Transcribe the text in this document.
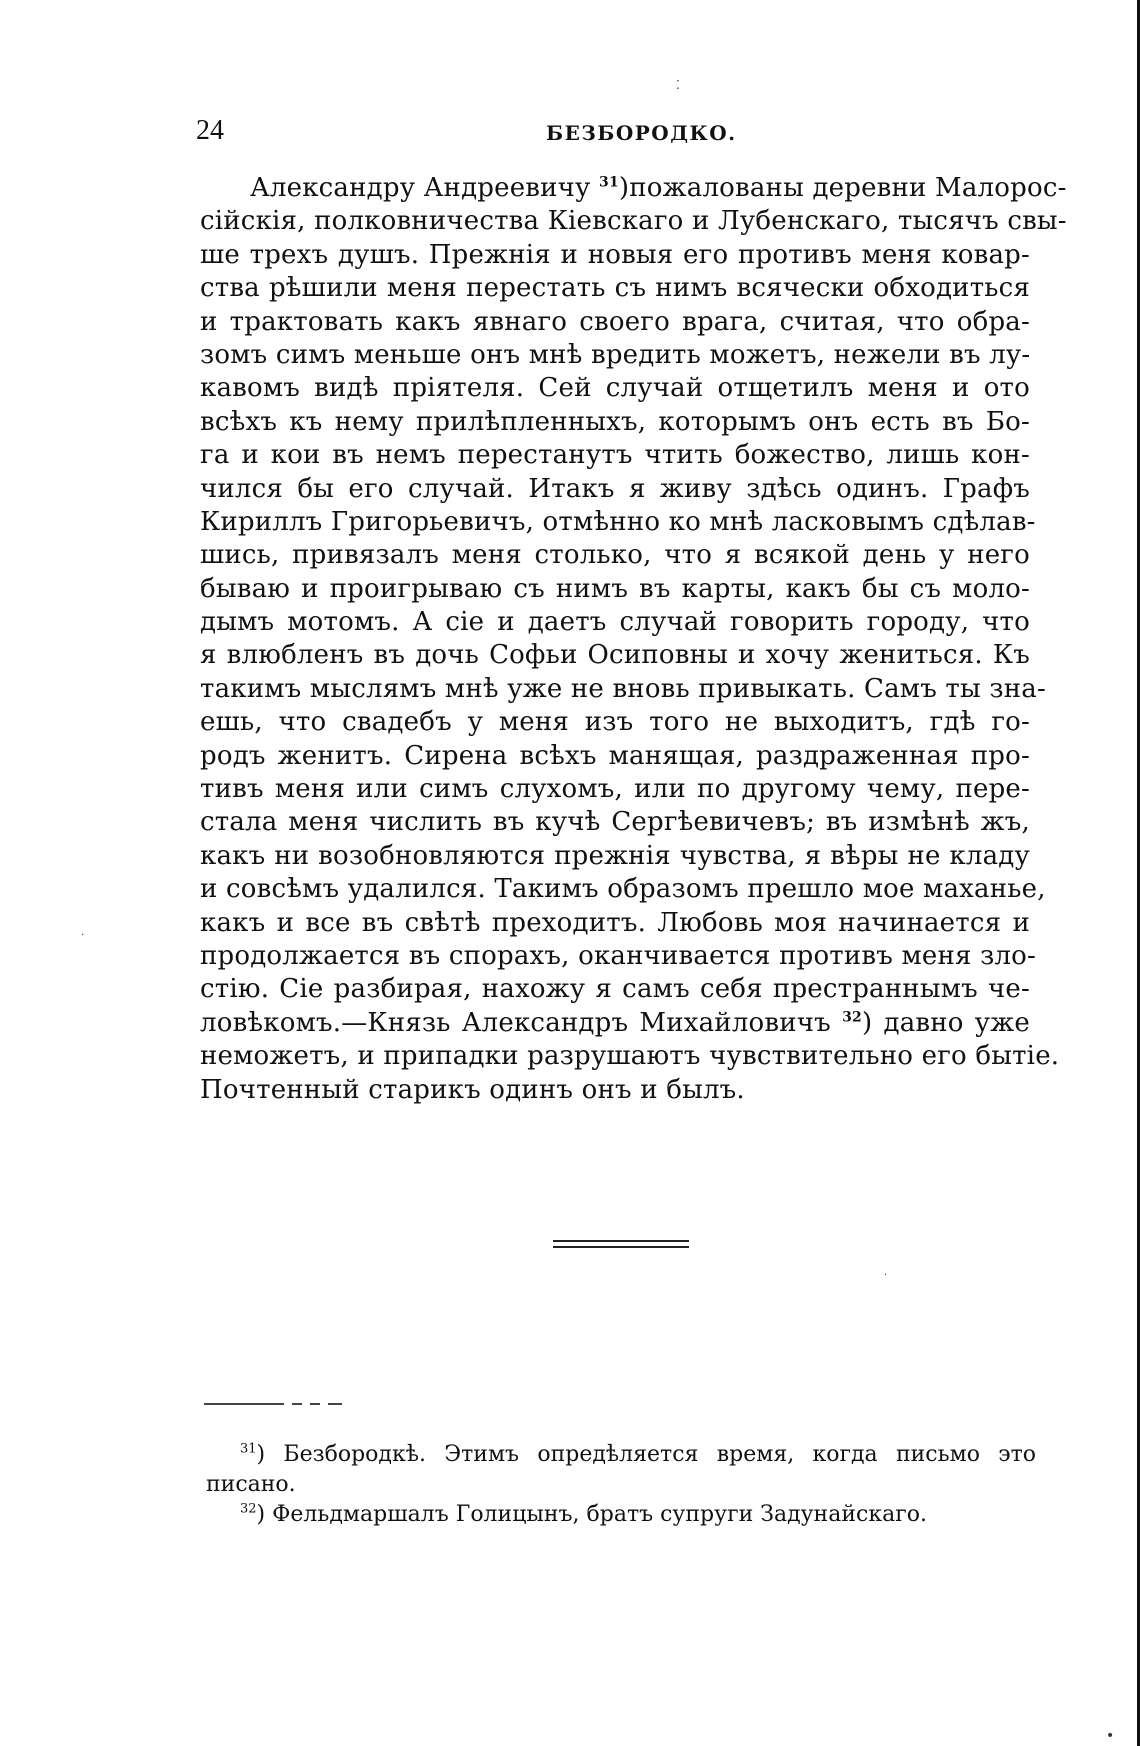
⁚
·
·
•
24	БЕЗБОРОДКО.
Александру Андреевичу $^{31}$)пожалованы деревни Малорос-
сійскія, полковничества Кіевскаго и Лубенскаго, тысячъ свы-
ше трехъ душъ. Прежнія и новыя его противъ меня ковар-
ства рѣшили меня перестать съ нимъ всячески обходиться
и трактовать какъ явнаго своего врага, считая, что обра-
зомъ симъ меньше онъ мнѣ вредить можетъ, нежели въ лу-
кавомъ видѣ пріятеля. Сей случай отщетилъ меня и ото
всѣхъ къ нему прилѣпленныхъ, которымъ онъ есть въ Бо-
га и кои въ немъ перестанутъ чтить божество, лишь кон-
чился бы его случай. Итакъ я живу здѣсь одинъ. Графъ
Кириллъ Григорьевичъ, отмѣнно ко мнѣ ласковымъ сдѣлав-
шись, привязалъ меня столько, что я всякой день у него
бываю и проигрываю съ нимъ въ карты, какъ бы съ моло-
дымъ мотомъ. А сіе и даетъ случай говорить городу, что
я влюбленъ въ дочь Софьи Осиповны и хочу жениться. Къ
такимъ мыслямъ мнѣ уже не вновь привыкать. Самъ ты зна-
ешь, что свадебъ у меня изъ того не выходитъ, гдѣ го-
родъ женитъ. Сирена всѣхъ манящая, раздраженная про-
тивъ меня или симъ слухомъ, или по другому чему, пере-
стала меня числить въ кучѣ Сергѣевичевъ; въ измѣнѣ жъ,
какъ ни возобновляются прежнія чувства, я вѣры не кладу
и совсѣмъ удалился. Такимъ образомъ прешло мое маханье,
какъ и все въ свѣтѣ преходитъ. Любовь моя начинается и
продолжается въ спорахъ, оканчивается противъ меня зло-
стію. Сіе разбирая, нахожу я самъ себя престраннымъ че-
ловѣкомъ.—Князь Александръ Михайловичъ $^{32}$) давно уже
неможетъ, и припадки разрушаютъ чувствительно его бытіе.
Почтенный старикъ одинъ онъ и былъ.
$^{31}$) Безбородкѣ. Этимъ опредѣляется время, когда письмо это
писано.
$^{32}$) Фельдмаршалъ Голицынъ, братъ супруги Задунайскаго.
